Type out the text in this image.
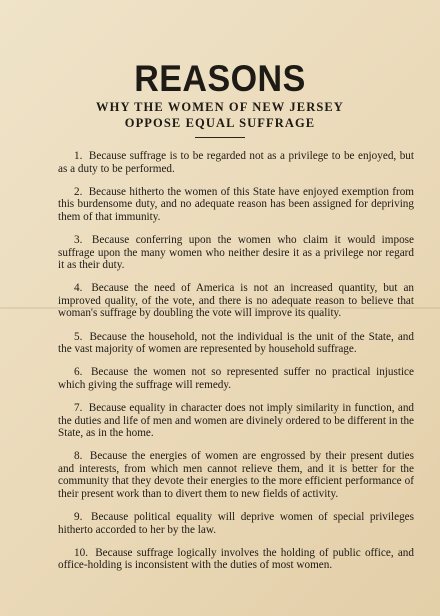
REASONS
WHY THE WOMEN OF NEW JERSEY
OPPOSE EQUAL SUFFRAGE

1. Because suffrage is to be regarded not as a privilege to be enjoyed, but as a duty to be performed.

2. Because hitherto the women of this State have enjoyed exemption from this burdensome duty, and no adequate reason has been assigned for depriving them of that immunity.

3. Because conferring upon the women who claim it would impose suffrage upon the many women who neither desire it as a privilege nor regard it as their duty.

4. Because the need of America is not an increased quantity, but an improved quality, of the vote, and there is no adequate reason to believe that woman's suffrage by doubling the vote will improve its quality.

5. Because the household, not the individual is the unit of the State, and the vast majority of women are represented by household suffrage.

6. Because the women not so represented suffer no practical injustice which giving the suffrage will remedy.

7. Because equality in character does not imply similarity in function, and the duties and life of men and women are divinely ordered to be different in the State, as in the home.

8. Because the energies of women are engrossed by their present duties and interests, from which men cannot relieve them, and it is better for the community that they devote their energies to the more efficient performance of their present work than to divert them to new fields of activity.

9. Because political equality will deprive women of special privileges hitherto accorded to her by the law.

10. Because suffrage logically involves the holding of public office, and office-holding is inconsistent with the duties of most women.
